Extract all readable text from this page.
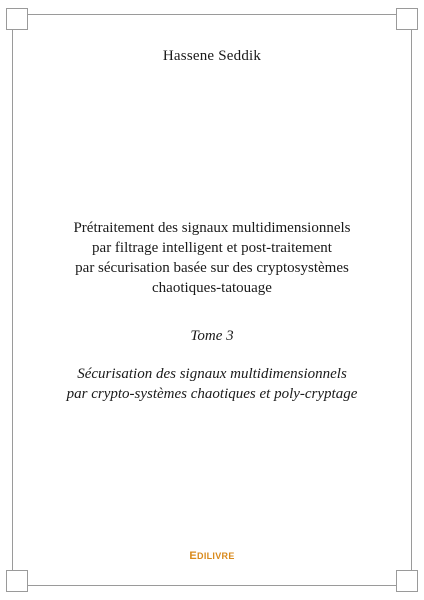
Hassene Seddik
Prétraitement des signaux multidimensionnels
par filtrage intelligent et post-traitement
par sécurisation basée sur des cryptosystèmes
chaotiques-tatouage
Tome 3
Sécurisation des signaux multidimensionnels
par crypto-systèmes chaotiques et poly-cryptage
EDILIVRE
